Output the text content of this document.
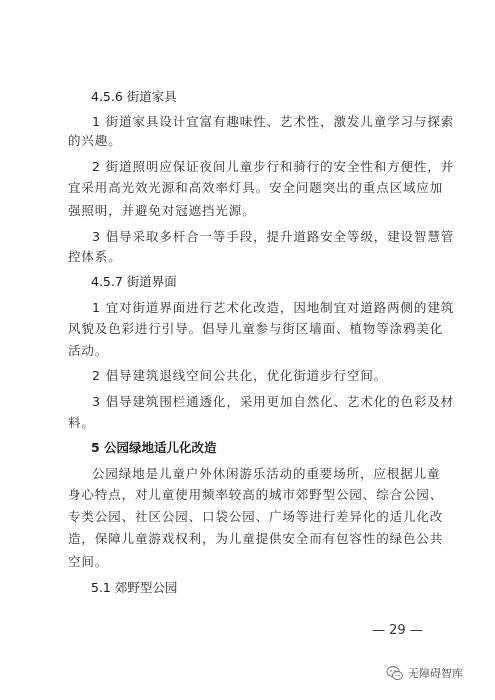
4.5.6 街道家具
1 街道家具设计宜富有趣味性、艺术性，激发儿童学习与探索
的兴趣。
2 街道照明应保证夜间儿童步行和骑行的安全性和方便性，并
宜采用高光效光源和高效率灯具。安全问题突出的重点区域应加
强照明，并避免对冠遮挡光源。
3 倡导采取多杆合一等手段，提升道路安全等级，建设智慧管
控体系。
4.5.7 街道界面
1 宜对街道界面进行艺术化改造，因地制宜对道路两侧的建筑
风貌及色彩进行引导。倡导儿童参与街区墙面、植物等涂鸦美化
活动。
2 倡导建筑退线空间公共化，优化街道步行空间。
3 倡导建筑围栏通透化，采用更加自然化、艺术化的色彩及材
料。
5 公园绿地适儿化改造
公园绿地是儿童户外休闲游乐活动的重要场所，应根据儿童
身心特点，对儿童使用频率较高的城市郊野型公园、综合公园、
专类公园、社区公园、口袋公园、广场等进行差异化的适儿化改
造，保障儿童游戏权利，为儿童提供安全而有包容性的绿色公共
空间。
5.1 郊野型公园
— 29 —
无障碍智库
